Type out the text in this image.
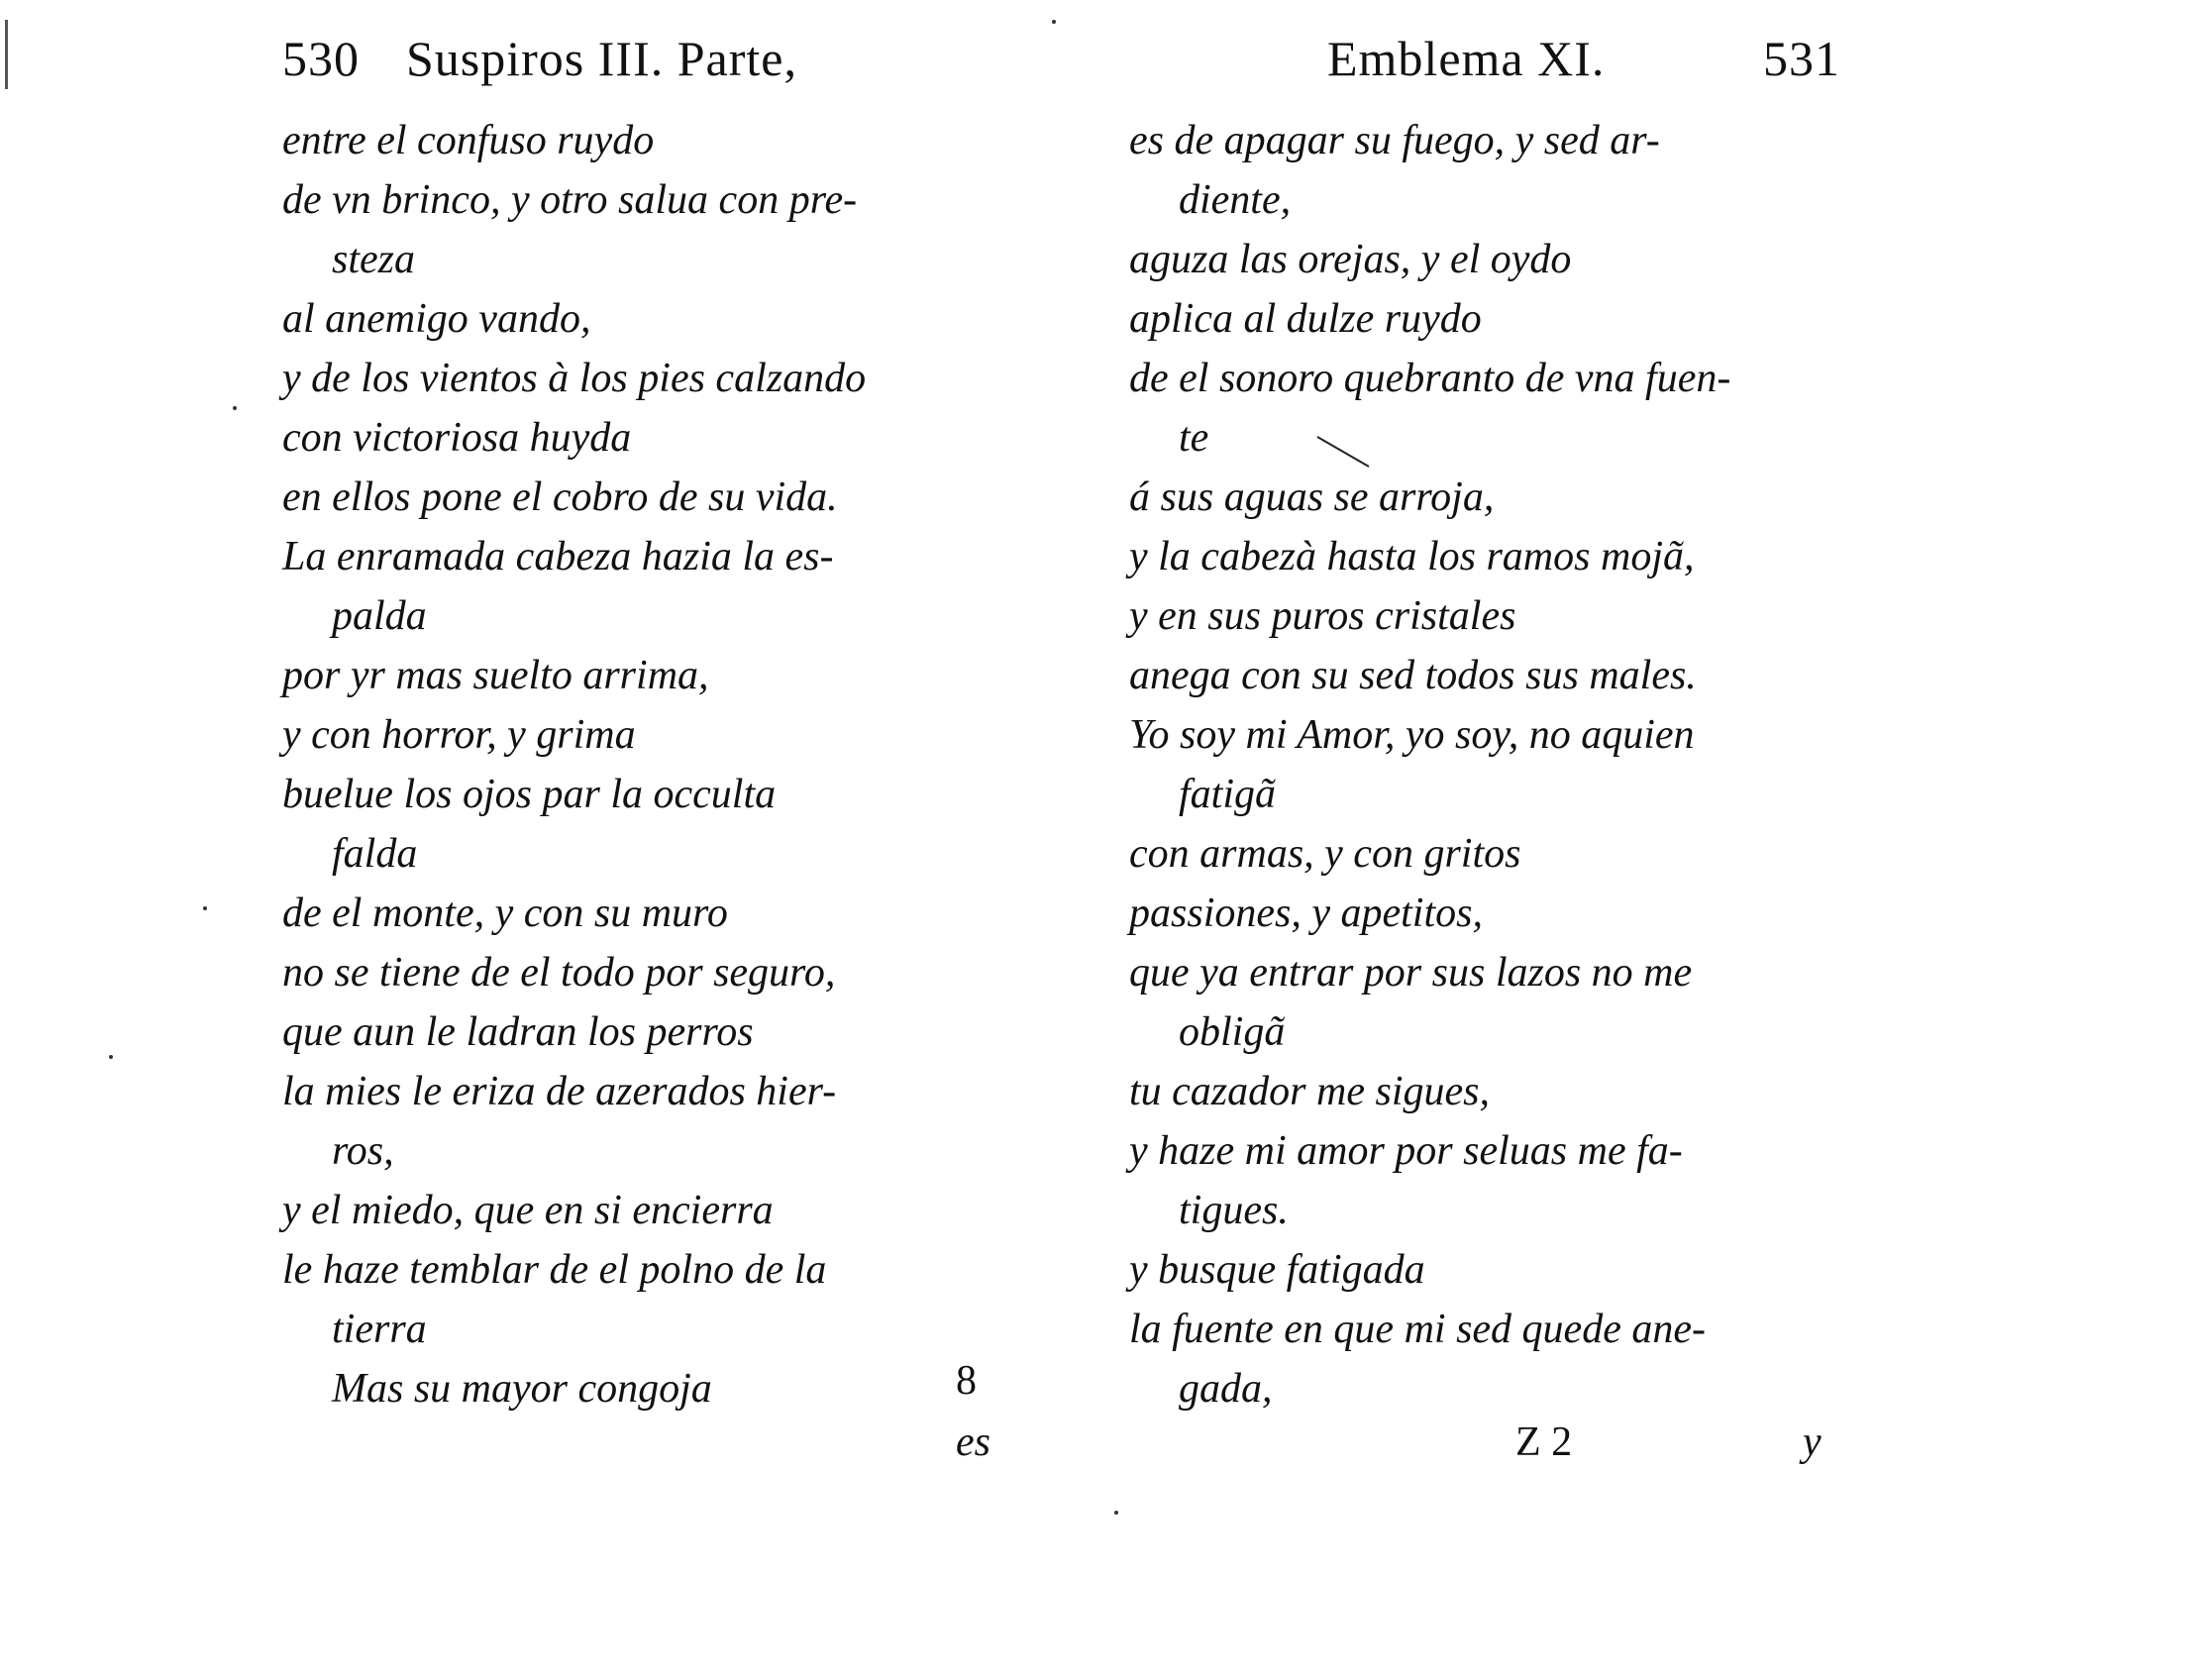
530 Suspiros III. Parte,
entre el confuso ruydo
de vn brinco, y otro salua con pre-
steza
al anemigo vando,
y de los vientos à los pies calzando
con victoriosa huyda
en ellos pone el cobro de su vida.
La enramada cabeza hazia la es-
palda
por yr mas suelto arrima,
y con horror, y grima
buelue los ojos par la occulta
falda
de el monte, y con su muro
no se tiene de el todo por seguro,
que aun le ladran los perros
la mies le eriza de azerados hier-
ros,
y el miedo, que en si encierra
le haze temblar de el polno de la
tierra
Mas su mayor congoja	8
es
Emblema XI.	531
es de apagar su fuego, y sed ar-
diente,
aguza las orejas, y el oydo
aplica al dulze ruydo
de el sonoro quebranto de vna fuen-
te
á sus aguas se arroja,
y la cabezà hasta los ramos mojã,
y en sus puros cristales
anega con su sed todos sus males.
Yo soy mi Amor, yo soy, no aquien
fatigã
con armas, y con gritos
passiones, y apetitos,
que ya entrar por sus lazos no me
obligã
tu cazador me sigues,
y haze mi amor por seluas me fa-
tigues.
y busque fatigada
la fuente en que mi sed quede ane-
gada,
Z 2	y
